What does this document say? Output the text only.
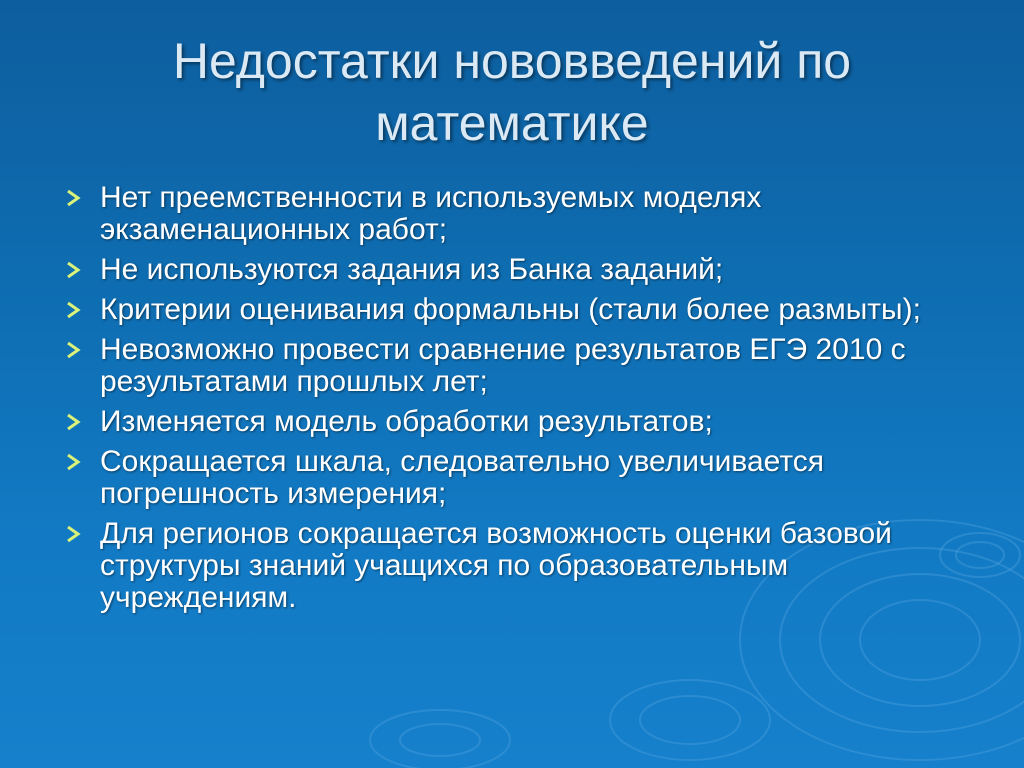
Недостатки нововведений по математике
Нет преемственности в используемых моделях экзаменационных работ;
Не используются задания из Банка заданий;
Критерии оценивания формальны (стали более размыты);
Невозможно провести сравнение результатов ЕГЭ 2010 с результатами прошлых лет;
Изменяется модель обработки результатов;
Сокращается шкала, следовательно увеличивается погрешность измерения;
Для регионов сокращается возможность оценки базовой структуры знаний учащихся по образовательным учреждениям.
